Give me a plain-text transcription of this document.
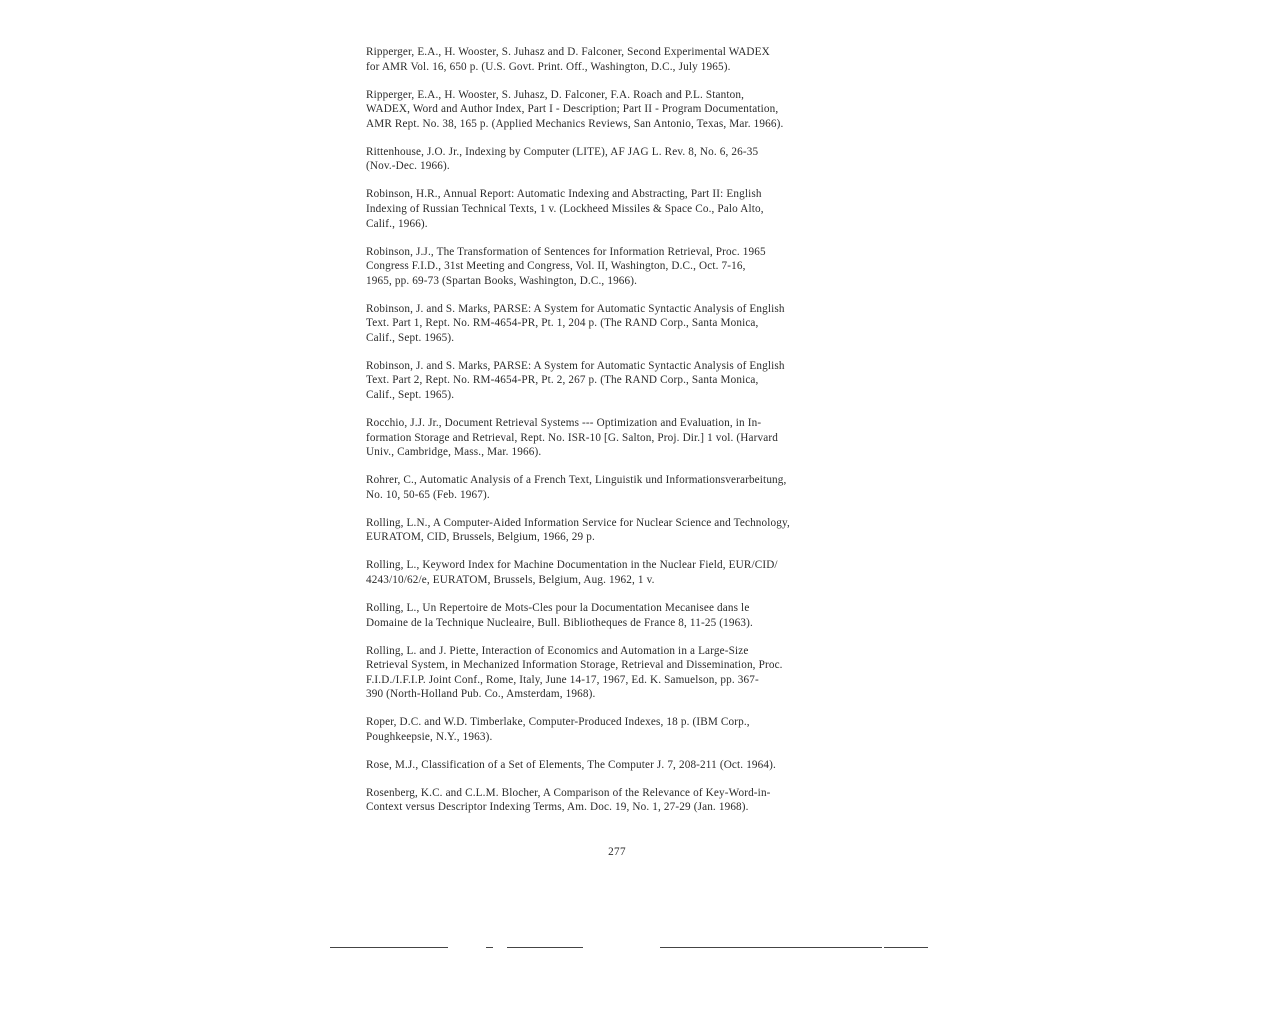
Ripperger, E.A., H. Wooster, S. Juhasz and D. Falconer, Second Experimental WADEX
for AMR Vol. 16, 650 p. (U.S. Govt. Print. Off., Washington, D.C., July 1965).

Ripperger, E.A., H. Wooster, S. Juhasz, D. Falconer, F.A. Roach and P.L. Stanton,
WADEX, Word and Author Index, Part I - Description; Part II - Program Documentation,
AMR Rept. No. 38, 165 p. (Applied Mechanics Reviews, San Antonio, Texas, Mar. 1966).

Rittenhouse, J.O. Jr., Indexing by Computer (LITE), AF JAG L. Rev. 8, No. 6, 26-35
(Nov.-Dec. 1966).

Robinson, H.R., Annual Report: Automatic Indexing and Abstracting, Part II: English
Indexing of Russian Technical Texts, 1 v. (Lockheed Missiles & Space Co., Palo Alto,
Calif., 1966).

Robinson, J.J., The Transformation of Sentences for Information Retrieval, Proc. 1965
Congress F.I.D., 31st Meeting and Congress, Vol. II, Washington, D.C., Oct. 7-16,
1965, pp. 69-73 (Spartan Books, Washington, D.C., 1966).

Robinson, J. and S. Marks, PARSE: A System for Automatic Syntactic Analysis of English
Text. Part 1, Rept. No. RM-4654-PR, Pt. 1, 204 p. (The RAND Corp., Santa Monica,
Calif., Sept. 1965).

Robinson, J. and S. Marks, PARSE: A System for Automatic Syntactic Analysis of English
Text. Part 2, Rept. No. RM-4654-PR, Pt. 2, 267 p. (The RAND Corp., Santa Monica,
Calif., Sept. 1965).

Rocchio, J.J. Jr., Document Retrieval Systems --- Optimization and Evaluation, in In-
formation Storage and Retrieval, Rept. No. ISR-10 [G. Salton, Proj. Dir.] 1 vol. (Harvard
Univ., Cambridge, Mass., Mar. 1966).

Rohrer, C., Automatic Analysis of a French Text, Linguistik und Informationsverarbeitung,
No. 10, 50-65 (Feb. 1967).

Rolling, L.N., A Computer-Aided Information Service for Nuclear Science and Technology,
EURATOM, CID, Brussels, Belgium, 1966, 29 p.

Rolling, L., Keyword Index for Machine Documentation in the Nuclear Field, EUR/CID/
4243/10/62/e, EURATOM, Brussels, Belgium, Aug. 1962, 1 v.

Rolling, L., Un Repertoire de Mots-Cles pour la Documentation Mecanisee dans le
Domaine de la Technique Nucleaire, Bull. Bibliotheques de France 8, 11-25 (1963).

Rolling, L. and J. Piette, Interaction of Economics and Automation in a Large-Size
Retrieval System, in Mechanized Information Storage, Retrieval and Dissemination, Proc.
F.I.D./I.F.I.P. Joint Conf., Rome, Italy, June 14-17, 1967, Ed. K. Samuelson, pp. 367-
390 (North-Holland Pub. Co., Amsterdam, 1968).

Roper, D.C. and W.D. Timberlake, Computer-Produced Indexes, 18 p. (IBM Corp.,
Poughkeepsie, N.Y., 1963).

Rose, M.J., Classification of a Set of Elements, The Computer J. 7, 208-211 (Oct. 1964).

Rosenberg, K.C. and C.L.M. Blocher, A Comparison of the Relevance of Key-Word-in-
Context versus Descriptor Indexing Terms, Am. Doc. 19, No. 1, 27-29 (Jan. 1968).

277
